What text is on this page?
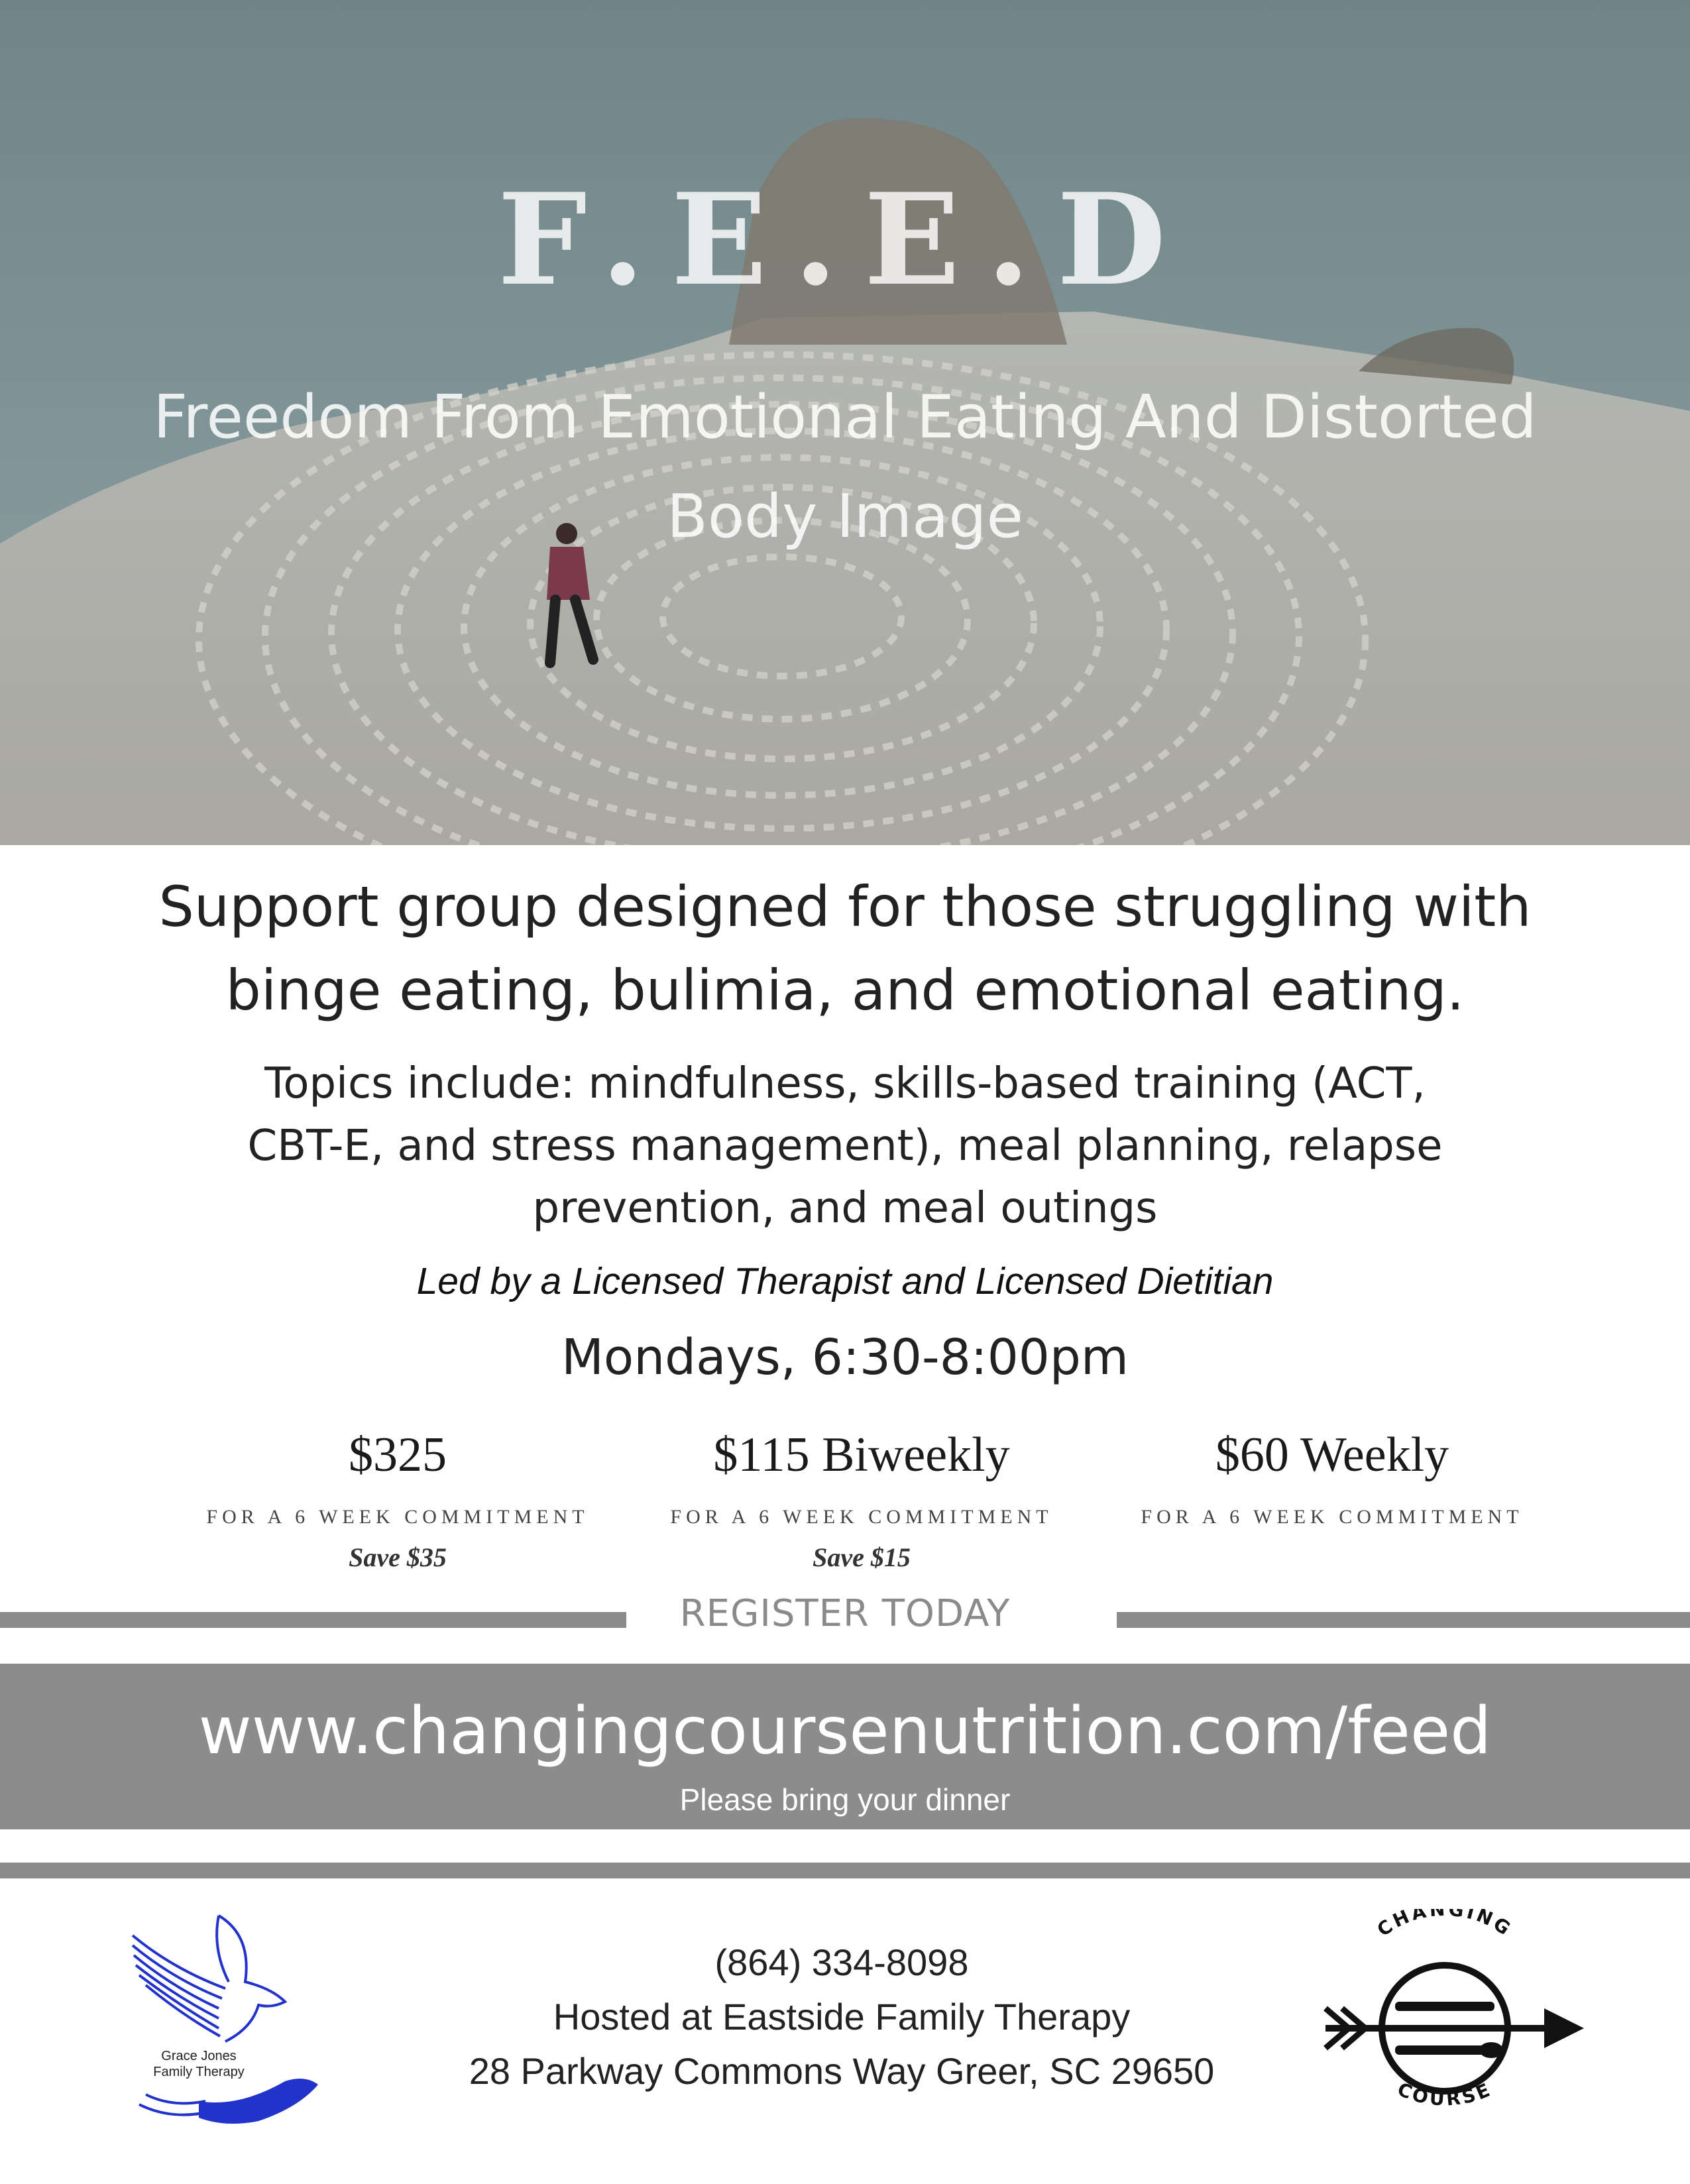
F.E.E.D
Freedom From Emotional Eating And Distorted
Body Image
Support group designed for those struggling with
binge eating, bulimia, and emotional eating.
Topics include: mindfulness, skills-based training (ACT,
CBT-E, and stress management), meal planning, relapse
prevention, and meal outings
Led by a Licensed Therapist and Licensed Dietitian
Mondays, 6:30-8:00pm
$325
FOR A 6 WEEK COMMITMENT
Save $35
$115 Biweekly
FOR A 6 WEEK COMMITMENT
Save $15
$60 Weekly
FOR A 6 WEEK COMMITMENT
REGISTER TODAY
www.changingcoursenutrition.com/feed
Please bring your dinner
Grace Jones
Family Therapy
(864) 334-8098
Hosted at Eastside Family Therapy
28 Parkway Commons Way Greer, SC 29650
CHANGING
COURSE
